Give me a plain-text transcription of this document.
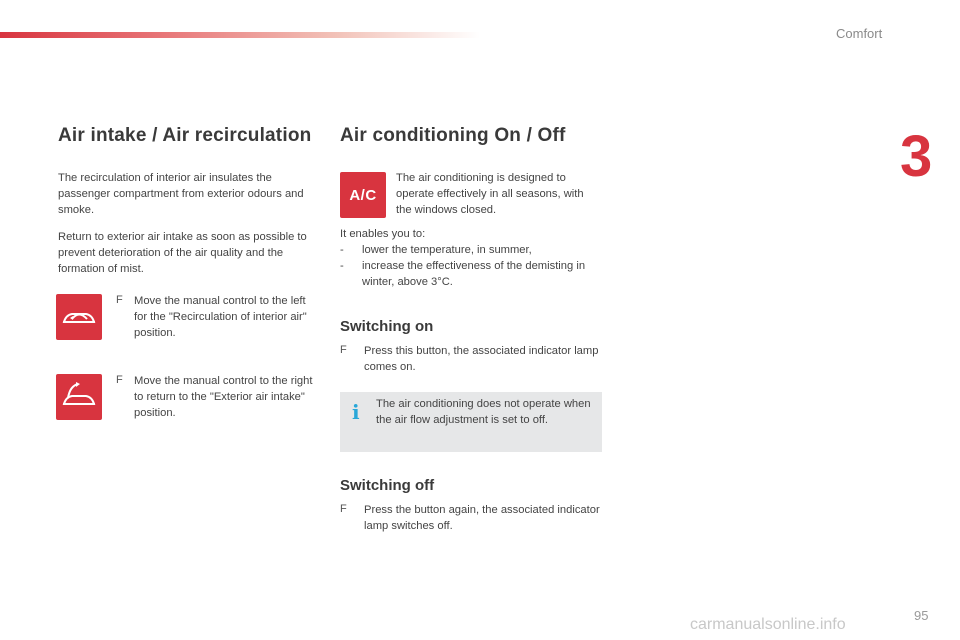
Comfort
3
Air intake / Air recirculation

The recirculation of interior air insulates the passenger compartment from exterior odours and smoke.

Return to exterior air intake as soon as possible to prevent deterioration of the air quality and the formation of mist.

F Move the manual control to the left for the "Recirculation of interior air" position.

F Move the manual control to the right to return to the "Exterior air intake" position.

Air conditioning On / Off
A/C

The air conditioning is designed to operate effectively in all seasons, with the windows closed.

It enables you to:
- lower the temperature, in summer,
- increase the effectiveness of the demisting in winter, above 3°C.
Switching on
F Press this button, the associated indicator lamp comes on.

i The air conditioning does not operate when the air flow adjustment is set to off.

Switching off
F Press the button again, the associated indicator lamp switches off.

carmanualsonline.info
95
